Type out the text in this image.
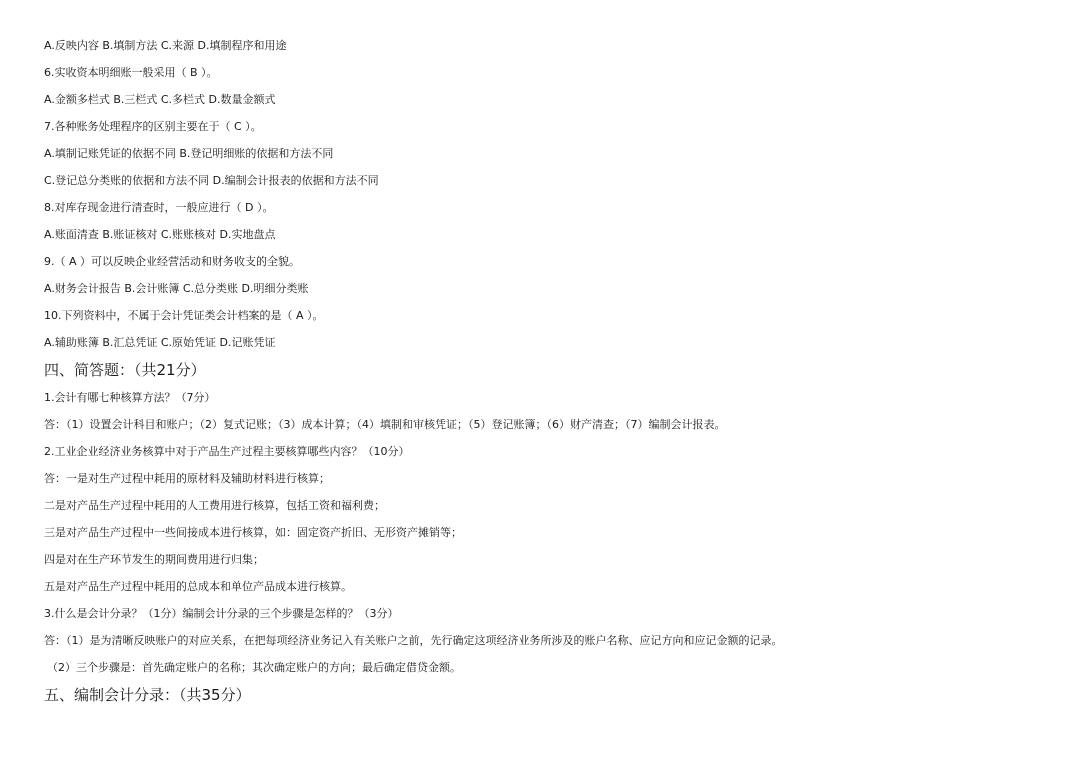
A.反映内容 B.填制方法 C.来源 D.填制程序和用途
6.实收资本明细账一般采用（ B ）。
A.金额多栏式 B.三栏式 C.多栏式 D.数量金额式
7.各种账务处理程序的区别主要在于（ C ）。
A.填制记账凭证的依据不同 B.登记明细账的依据和方法不同
C.登记总分类账的依据和方法不同 D.编制会计报表的依据和方法不同
8.对库存现金进行清查时，一般应进行（ D ）。
A.账面清查 B.账证核对 C.账账核对 D.实地盘点
9.（ A ）可以反映企业经营活动和财务收支的全貌。
A.财务会计报告 B.会计账簿 C.总分类账 D.明细分类账
10.下列资料中，不属于会计凭证类会计档案的是（ A ）。
A.辅助账簿 B.汇总凭证 C.原始凭证 D.记账凭证
四、简答题：（共21分）
1.会计有哪七种核算方法？（7分）
答：（1）设置会计科目和账户；（2）复式记账；（3）成本计算；（4）填制和审核凭证；（5）登记账簿；（6）财产清查；（7）编制会计报表。
2.工业企业经济业务核算中对于产品生产过程主要核算哪些内容？（10分）
答：一是对生产过程中耗用的原材料及辅助材料进行核算；
二是对产品生产过程中耗用的人工费用进行核算，包括工资和福利费；
三是对产品生产过程中一些间接成本进行核算，如：固定资产折旧、无形资产摊销等；
四是对在生产环节发生的期间费用进行归集；
五是对产品生产过程中耗用的总成本和单位产品成本进行核算。
3.什么是会计分录？（1分）编制会计分录的三个步骤是怎样的？（3分）
答：（1）是为清晰反映账户的对应关系，在把每项经济业务记入有关账户之前，先行确定这项经济业务所涉及的账户名称、应记方向和应记金额的记录。
（2）三个步骤是：首先确定账户的名称；其次确定账户的方向；最后确定借贷金额。
五、编制会计分录：（共35分）
